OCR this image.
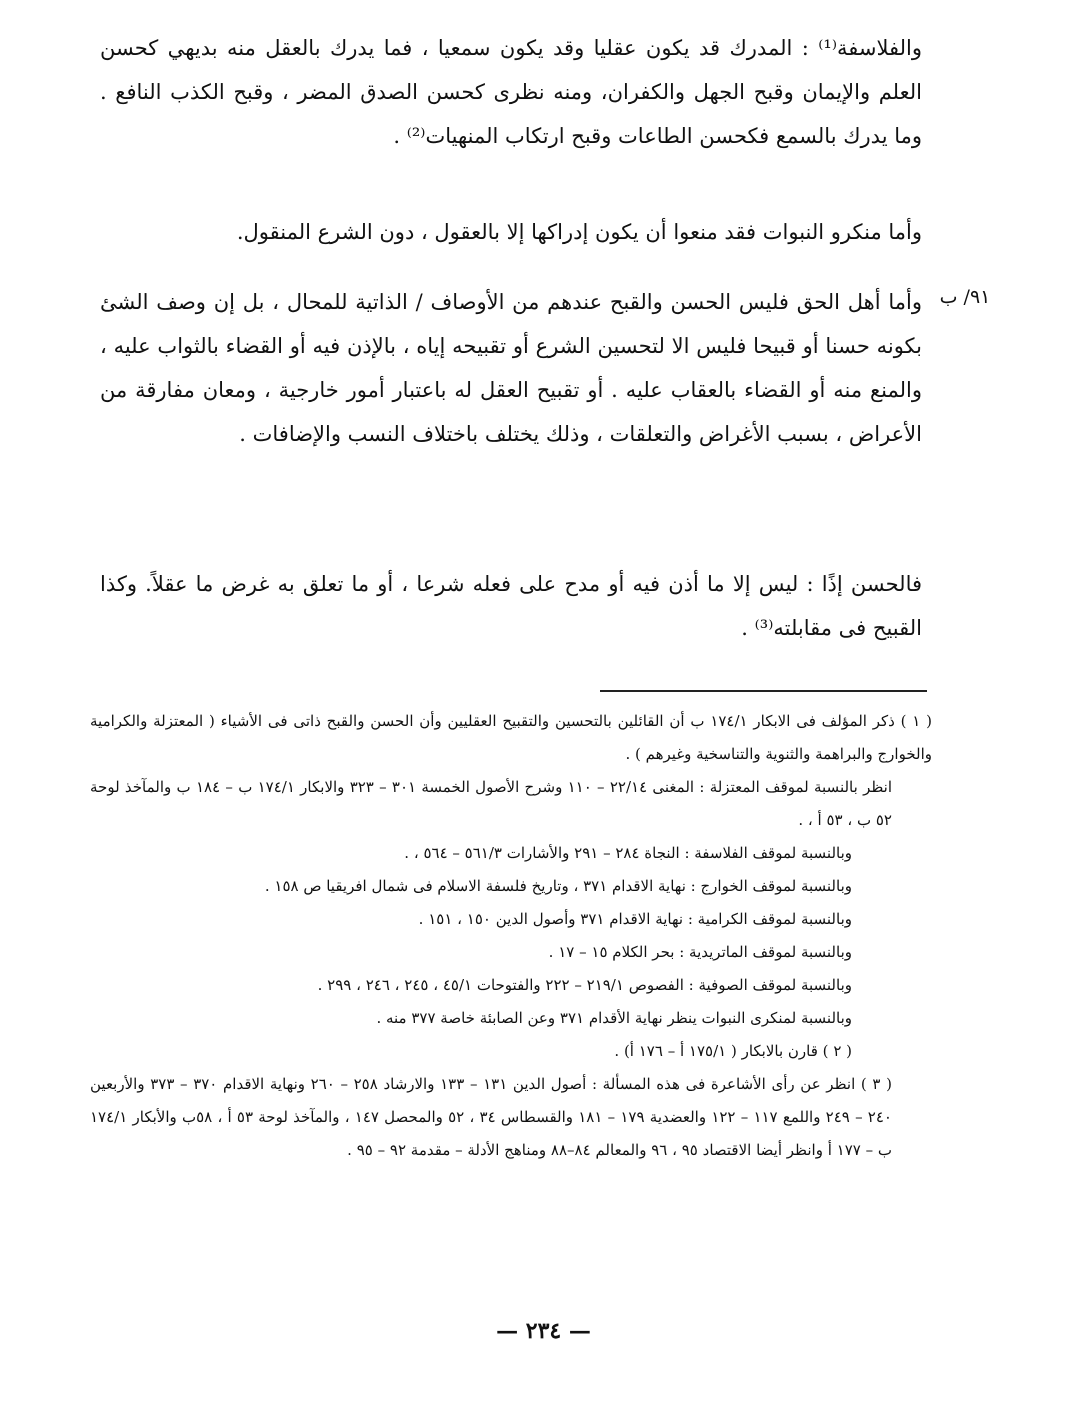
والفلاسفة⁽¹⁾ : المدرك قد يكون عقليا وقد يكون سمعيا ، فما يدرك بالعقل منه بديهي كحسن العلم والإيمان وقبح الجهل والكفران، ومنه نظرى كحسن الصدق المضر ، وقبح الكذب النافع . وما يدرك بالسمع فكحسن الطاعات وقبح ارتكاب المنهيات⁽²⁾ .

وأما منكرو النبوات فقد منعوا أن يكون إدراكها إلا بالعقول ، دون الشرع المنقول.

٩١/ ب

وأما أهل الحق فليس الحسن والقبح عندهم من الأوصاف / الذاتية للمحال ، بل إن وصف الشئ بكونه حسنا أو قبيحا فليس الا لتحسين الشرع أو تقبيحه إياه ، بالإذن فيه أو القضاء بالثواب عليه ، والمنع منه أو القضاء بالعقاب عليه . أو تقبيح العقل له باعتبار أمور خارجية ، ومعان مفارقة من الأعراض ، بسبب الأغراض والتعلقات ، وذلك يختلف باختلاف النسب والإضافات .

فالحسن إذًا : ليس إلا ما أذن فيه أو مدح على فعله شرعا ، أو ما تعلق به غرض ما عقلاً. وكذا القبيح فى مقابلته⁽³⁾ .

( ١ ) ذكر المؤلف فى الابكار ١٧٤/١ ب أن القائلين بالتحسين والتقبيح العقليين وأن الحسن والقبح ذاتى فى الأشياء ( المعتزلة والكرامية والخوارج والبراهمة والثنوية والتناسخية وغيرهم ) .

انظر بالنسبة لموقف المعتزلة : المغنى ٢٢/١٤ – ١١٠ وشرح الأصول الخمسة ٣٠١ – ٣٢٣ والابكار ١٧٤/١ ب – ١٨٤ ب والمآخذ لوحة ٥٢ ب ، ٥٣ أ ، .

وبالنسبة لموقف الفلاسفة : النجاة ٢٨٤ – ٢٩١ والأشارات ٥٦١/٣ – ٥٦٤ ، .

وبالنسبة لموقف الخوارج : نهاية الاقدام ٣٧١ ، وتاريخ فلسفة الاسلام فى شمال افريقيا ص ١٥٨ .

وبالنسبة لموقف الكرامية : نهاية الاقدام ٣٧١ وأصول الدين ١٥٠ ، ١٥١ .

وبالنسبة لموقف الماتريدية : بحر الكلام ١٥ – ١٧ .

وبالنسبة لموقف الصوفية : الفصوص ٢١٩/١ – ٢٢٢ والفتوحات ٤٥/١ ، ٢٤٥ ، ٢٤٦ ، ٢٩٩ .

وبالنسبة لمنكرى النبوات ينظر نهاية الأقدام ٣٧١ وعن الصابئة خاصة ٣٧٧ منه .

( ٢ ) قارن بالابكار ( ١٧٥/١ أ – ١٧٦ أ) .

( ٣ ) انظر عن رأى الأشاعرة فى هذه المسألة : أصول الدين ١٣١ – ١٣٣ والارشاد ٢٥٨ – ٢٦٠ ونهاية الاقدام ٣٧٠ – ٣٧٣ والأربعين ٢٤٠ – ٢٤٩ واللمع ١١٧ – ١٢٢ والعضدية ١٧٩ – ١٨١ والقسطاس ٣٤ ، ٥٢ والمحصل ١٤٧ ، والمآخذ لوحة ٥٣ أ ، ٥٨ب والأبكار ١٧٤/١ ب – ١٧٧ أ وانظر أيضا الاقتصاد ٩٥ ، ٩٦ والمعالم ٨٤–٨٨ ومناهج الأدلة – مقدمة ٩٢ – ٩٥ .

— ٢٣٤ —
